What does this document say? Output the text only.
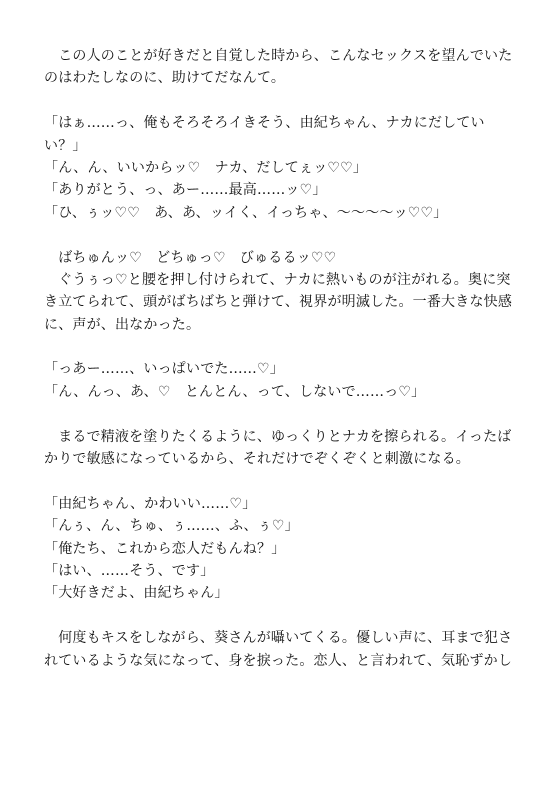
　この人のことが好きだと自覚した時から、こんなセックスを望んでいた
のはわたしなのに、助けてだなんて。
「はぁ……っ、俺もそろそろイきそう、由紀ちゃん、ナカにだしてい
い？」
「ん、ん、いいからッ♡　ナカ、だしてぇッ♡♡」
「ありがとう、っ、あー……最高……ッ♡」
「ひ、ぅッ♡♡　あ、あ、ッイく、イっちゃ、〜〜〜〜ッ♡♡」
　ばちゅんッ♡　どちゅっ♡　びゅるるッ♡♡
　ぐうぅっ♡と腰を押し付けられて、ナカに熱いものが注がれる。奥に突
き立てられて、頭がばちばちと弾けて、視界が明滅した。一番大きな快感
に、声が、出なかった。
「っあー……、いっぱいでた……♡」
「ん、んっ、あ、♡　とんとん、って、しないで……っ♡」
　まるで精液を塗りたくるように、ゆっくりとナカを擦られる。イったば
かりで敏感になっているから、それだけでぞくぞくと刺激になる。
「由紀ちゃん、かわいい……♡」
「んぅ、ん、ちゅ、ぅ……、ふ、ぅ♡」
「俺たち、これから恋人だもんね？」
「はい、……そう、です」
「大好きだよ、由紀ちゃん」
　何度もキスをしながら、葵さんが囁いてくる。優しい声に、耳まで犯さ
れているような気になって、身を捩った。恋人、と言われて、気恥ずかし
